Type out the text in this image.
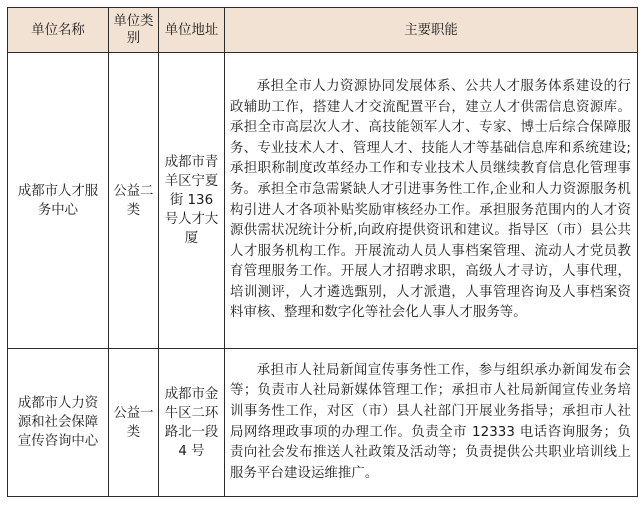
单位名称	单位类别	单位地址	主要职能
成都市人才服务中心	公益二类	成都市青羊区宁夏街 136 号人才大厦	承担全市人力资源协同发展体系、公共人才服务体系建设的行政辅助工作，搭建人才交流配置平台，建立人才供需信息资源库。承担全市高层次人才、高技能领军人才、专家、博士后综合保障服务、专业技术人才、管理人才、技能人才等基础信息库和系统建设;承担职称制度改革经办工作和专业技术人员继续教育信息化管理事务。承担全市急需紧缺人才引进事务性工作,企业和人力资源服务机构引进人才各项补贴奖励审核经办工作。承担服务范围内的人才资源供需状况统计分析,向政府提供资讯和建议。指导区（市）县公共人才服务机构工作。开展流动人员人事档案管理、流动人才党员教育管理服务工作。开展人才招聘求职，高级人才寻访，人事代理，培训测评，人才遴选甄别，人才派遣，人事管理咨询及人事档案资料审核、整理和数字化等社会化人事人才服务等。
成都市人力资源和社会保障宣传咨询中心	公益一类	成都市金牛区二环路北一段 4 号	承担市人社局新闻宣传事务性工作，参与组织承办新闻发布会等；负责市人社局新媒体管理工作；承担市人社局新闻宣传业务培训事务性工作，对区（市）县人社部门开展业务指导；承担市人社局网络理政事项的办理工作。负责全市 12333 电话咨询服务；负责向社会发布推送人社政策及活动等；负责提供公共职业培训线上服务平台建设运维推广。
